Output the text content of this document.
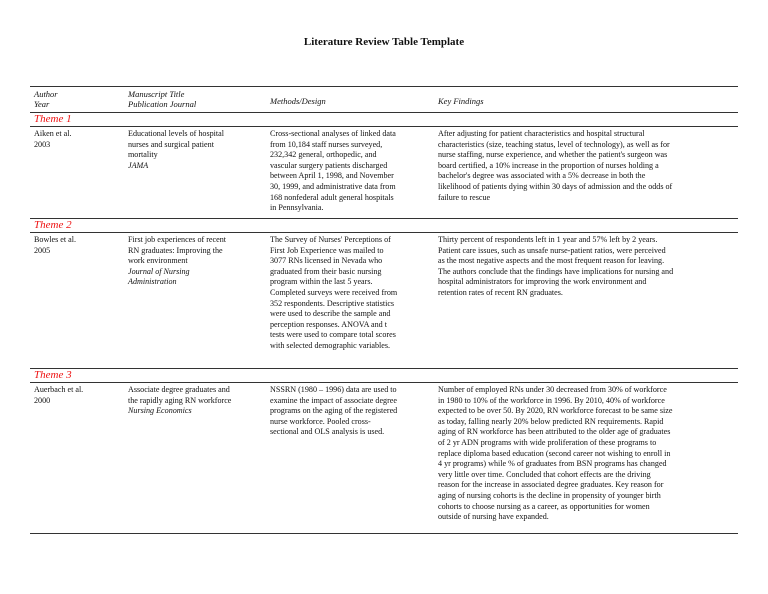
Literature Review Table Template
Author
Year
Manuscript Title
Publication Journal	Methods/Design	Key Findings
Theme 1
Aiken et al.
2003
Educational levels of hospital
nurses and surgical patient
mortality
JAMA
Cross-sectional analyses of linked data
from 10,184 staff nurses surveyed,
232,342 general, orthopedic, and
vascular surgery patients discharged
between April 1, 1998, and November
30, 1999, and administrative data from
168 nonfederal adult general hospitals
in Pennsylvania.
After adjusting for patient characteristics and hospital structural
characteristics (size, teaching status, level of technology), as well as for
nurse staffing, nurse experience, and whether the patient's surgeon was
board certified, a 10% increase in the proportion of nurses holding a
bachelor's degree was associated with a 5% decrease in both the
likelihood of patients dying within 30 days of admission and the odds of
failure to rescue
Theme 2
Bowles et al.
2005
First job experiences of recent
RN graduates: Improving the
work environment
Journal of Nursing
Administration
The Survey of Nurses' Perceptions of
First Job Experience was mailed to
3077 RNs licensed in Nevada who
graduated from their basic nursing
program within the last 5 years.
Completed surveys were received from
352 respondents. Descriptive statistics
were used to describe the sample and
perception responses. ANOVA and t
tests were used to compare total scores
with selected demographic variables.
Thirty percent of respondents left in 1 year and 57% left by 2 years.
Patient care issues, such as unsafe nurse-patient ratios, were perceived
as the most negative aspects and the most frequent reason for leaving.
The authors conclude that the findings have implications for nursing and
hospital administrators for improving the work environment and
retention rates of recent RN graduates.
Theme 3
Auerbach et al.
2000
Associate degree graduates and
the rapidly aging RN workforce
Nursing Economics
NSSRN (1980 – 1996) data are used to
examine the impact of associate degree
programs on the aging of the registered
nurse workforce. Pooled cross-
sectional and OLS analysis is used.
Number of employed RNs under 30 decreased from 30% of workforce
in 1980 to 10% of the workforce in 1996. By 2010, 40% of workforce
expected to be over 50. By 2020, RN workforce forecast to be same size
as today, falling nearly 20% below predicted RN requirements. Rapid
aging of RN workforce has been attributed to the older age of graduates
of 2 yr ADN programs with wide proliferation of these programs to
replace diploma based education (second career not wishing to enroll in
4 yr programs) while % of graduates from BSN programs has changed
very little over time. Concluded that cohort effects are the driving
reason for the increase in associated degree graduates. Key reason for
aging of nursing cohorts is the decline in propensity of younger birth
cohorts to choose nursing as a career, as opportunities for women
outside of nursing have expanded.
